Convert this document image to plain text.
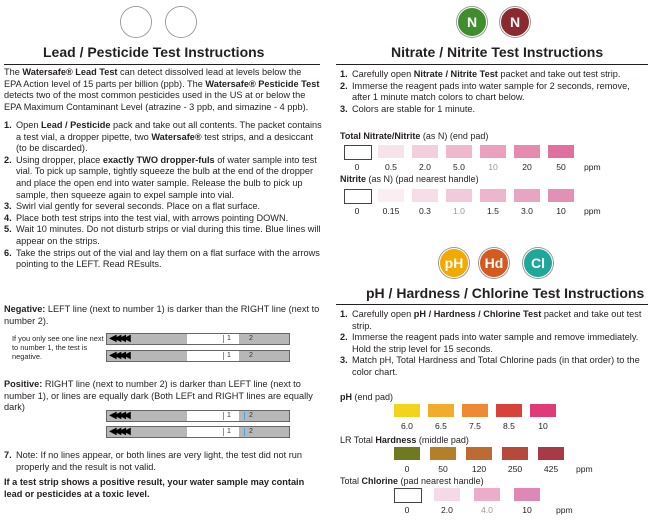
Pb	Pe
Lead / Pesticide Test Instructions
The Watersafe® Lead Test can detect dissolved lead at levels below the EPA Action level of 15 parts per billion (ppb). The Watersafe® Pesticide Test detects two of the most common pesticides used in the US at or below the EPA Maximum Contaminant Level (atrazine - 3 ppb, and simazine - 4 ppb).
1. Open Lead / Pesticide pack and take out all contents. The packet contains a test vial, a dropper pipette, two Watersafe® test strips, and a desiccant (to be discarded).
2. Using dropper, place exactly TWO dropper-fuls of water sample into test vial. To pick up sample, tightly squeeze the bulb at the end of the dropper and place the open end into water sample. Release the bulb to pick up sample, then squeeze again to expel sample into vial.
3. Swirl vial gently for several seconds. Place on a flat surface.
4. Place both test strips into the test vial, with arrows pointing DOWN.
5. Wait 10 minutes. Do not disturb strips or vial during this time. Blue lines will appear on the strips.
6. Take the strips out of the vial and lay them on a flat surface with the arrows pointing to the LEFT. Read REsults.
Negative: LEFT line (next to number 1) is darker than the RIGHT line (next to number 2).
If you only see one line next to number 1, the test is negative.
◀◀◀◀	1	2
◀◀◀◀	1	2
Positive: RIGHT line (next to number 2) is darker than LEFT line (next to number 1), or lines are equally dark (Both LEFt and RIGHT lines are equally dark)
◀◀◀◀	1	2
◀◀◀◀	1	2
7. Note: If no lines appear, or both lines are very light, the test did not run properly and the result is not valid.
If a test strip shows a positive result, your water sample may contain lead or pesticides at a toxic level.
N	N
Nitrate / Nitrite Test Instructions
1. Carefully open Nitrate / Nitrite Test packet and take out test strip.
2. Immerse the reagent pads into water sample for 2 seconds, remove, after 1 minute match colors to chart below.
3. Colors are stable for 1 minute.
Total Nitrate/Nitrite (as N) (end pad)
Nitrite (as N) (pad nearest handle)
pH	Hd	Cl
pH / Hardness / Chlorine Test Instructions
1. Carefully open pH / Hardness / Chlorine Test packet and take out test strip.
2. Immerse the reagent pads into water sample and remove immediately. Hold the strip level for 15 seconds.
3. Match pH, Total Hardness and Total Chlorine pads (in that order) to the color chart.
pH (end pad)
LR Total Hardness (middle pad)
Total Chlorine (pad nearest handle)
0	0.5	2.0	5.0	10	20	50	ppm
0	0.15	0.3	1.0	1.5	3.0	10	ppm
6.0	6.5	7.5	8.5	10
0	50	120	250	425	ppm
0	2.0	4.0	10	ppm
